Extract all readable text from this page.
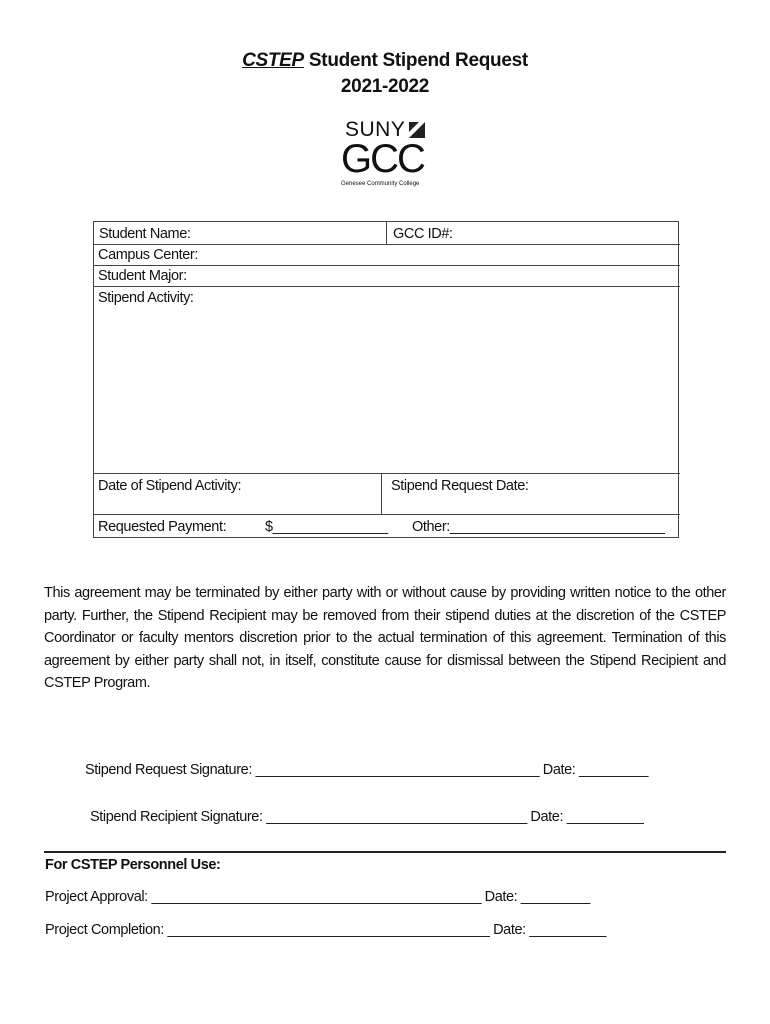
CSTEP Student Stipend Request
2021-2022
SUNY
GCC
Genesee Community College
Student Name:	GCC ID#:
Campus Center:
Student Major:
Stipend Activity:
Date of Stipend Activity:	Stipend Request Date:
Requested Payment:	$_______________ Other:____________________________
This agreement may be terminated by either party with or without cause by providing written notice to the other party. Further, the Stipend Recipient may be removed from their stipend duties at the discretion of the CSTEP Coordinator or faculty mentors discretion prior to the actual termination of this agreement. Termination of this agreement by either party shall not, in itself, constitute cause for dismissal between the Stipend Recipient and CSTEP Program.
Stipend Request Signature: _____________________________________ Date: _________
Stipend Recipient Signature: __________________________________ Date: __________
For CSTEP Personnel Use:
Project Approval: ___________________________________________ Date: _________
Project Completion: __________________________________________ Date: __________
